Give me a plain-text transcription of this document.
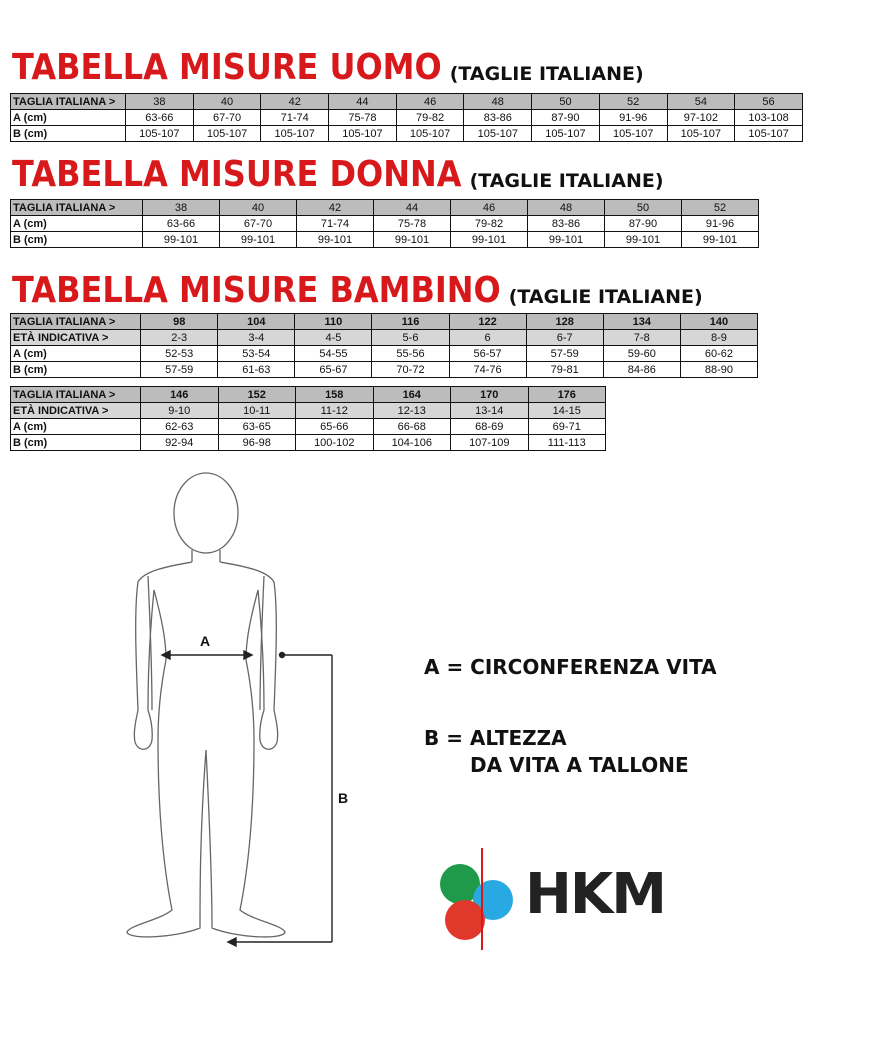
TABELLA MISURE UOMO (TAGLIE ITALIANE)
TAGLIA ITALIANA >	38	40	42	44	46	48	50	52	54	56
A (cm)	63-66	67-70	71-74	75-78	79-82	83-86	87-90	91-96	97-102	103-108
B (cm)	105-107	105-107	105-107	105-107	105-107	105-107	105-107	105-107	105-107	105-107
TABELLA MISURE DONNA (TAGLIE ITALIANE)
TAGLIA ITALIANA >	38	40	42	44	46	48	50	52
A (cm)	63-66	67-70	71-74	75-78	79-82	83-86	87-90	91-96
B (cm)	99-101	99-101	99-101	99-101	99-101	99-101	99-101	99-101
TABELLA MISURE BAMBINO (TAGLIE ITALIANE)
TAGLIA ITALIANA >	98	104	110	116	122	128	134	140
ETÀ INDICATIVA >	2-3	3-4	4-5	5-6	6	6-7	7-8	8-9
A (cm)	52-53	53-54	54-55	55-56	56-57	57-59	59-60	60-62
B (cm)	57-59	61-63	65-67	70-72	74-76	79-81	84-86	88-90
TAGLIA ITALIANA >	146	152	158	164	170	176
ETÀ INDICATIVA >	9-10	10-11	11-12	12-13	13-14	14-15
A (cm)	62-63	63-65	65-66	66-68	68-69	69-71
B (cm)	92-94	96-98	100-102	104-106	107-109	111-113
A
B
A = CIRCONFERENZA VITA
B = ALTEZZA
DA VITA A TALLONE
HKM
